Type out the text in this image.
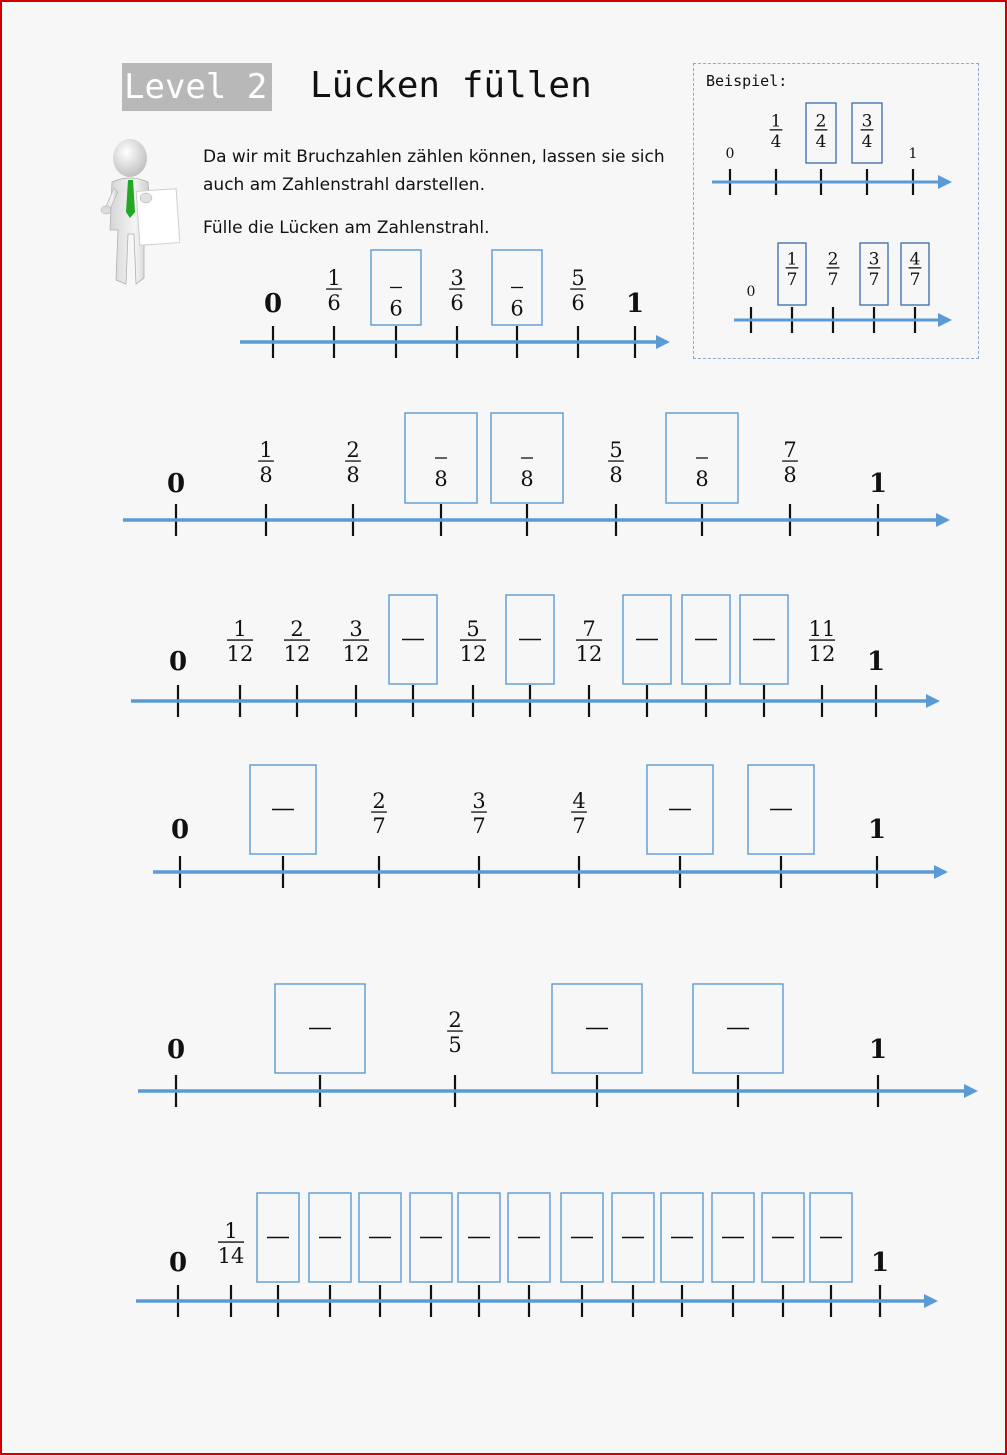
Level 2 Lücken füllen
Da wir mit Bruchzahlen zählen können, lassen sie sich
auch am Zahlenstrahl darstellen.
Fülle die Lücken am Zahlenstrahl.
Beispiel:
0	1
1
6 6
3
6 6
5
6
0	1
1
8
2
8	8	8
5
8	8
7
8
0	1
1
12
2
12
3
12
5
12
7
12
11
12
0	1
2
7
3
7
4
7
0	1
2
5
0	1
1
14
0	1
1
4
2
4
3
4
0
1
7
2
7
3
7
4
7
